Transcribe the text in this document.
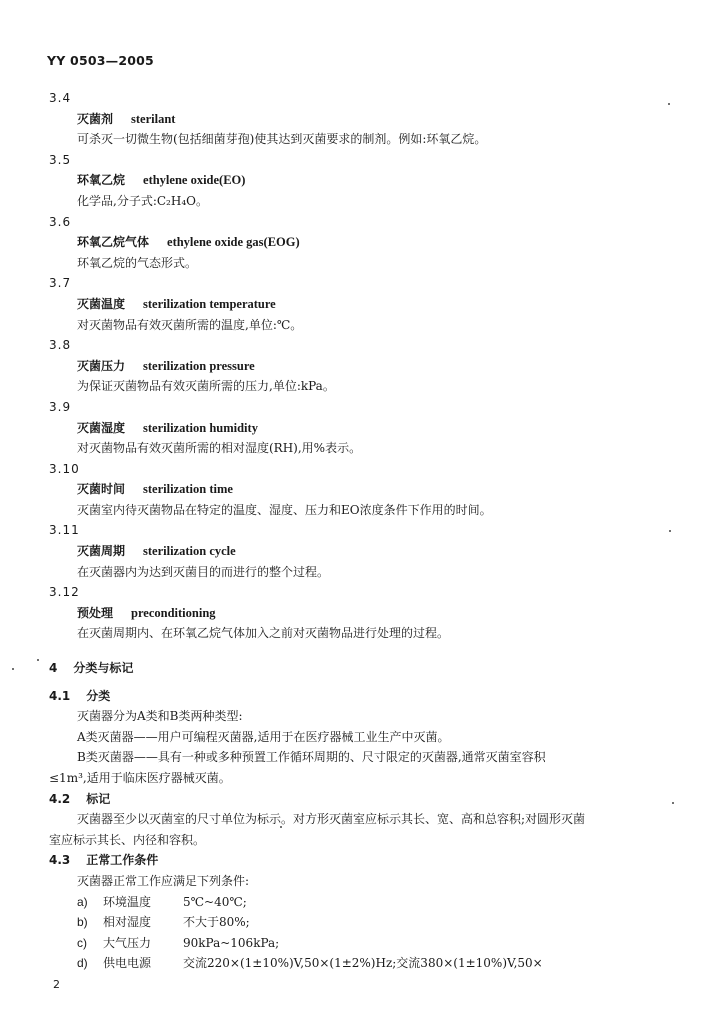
YY 0503—2005
3.4
灭菌剂 sterilant
可杀灭一切微生物(包括细菌芽孢)使其达到灭菌要求的制剂。例如:环氧乙烷。
3.5
环氧乙烷 ethylene oxide(EO)
化学品,分子式:C₂H₄O。
3.6
环氧乙烷气体 ethylene oxide gas(EOG)
环氧乙烷的气态形式。
3.7
灭菌温度 sterilization temperature
对灭菌物品有效灭菌所需的温度,单位:℃。
3.8
灭菌压力 sterilization pressure
为保证灭菌物品有效灭菌所需的压力,单位:kPa。
3.9
灭菌湿度 sterilization humidity
对灭菌物品有效灭菌所需的相对湿度(RH),用%表示。
3.10
灭菌时间 sterilization time
灭菌室内待灭菌物品在特定的温度、湿度、压力和EO浓度条件下作用的时间。
3.11
灭菌周期 sterilization cycle
在灭菌器内为达到灭菌目的而进行的整个过程。
3.12
预处理 preconditioning
在灭菌周期内、在环氧乙烷气体加入之前对灭菌物品进行处理的过程。
4 分类与标记
4.1 分类
灭菌器分为A类和B类两种类型:
A类灭菌器——用户可编程灭菌器,适用于在医疗器械工业生产中灭菌。
B类灭菌器——具有一种或多种预置工作循环周期的、尺寸限定的灭菌器,通常灭菌室容积
≤1m³,适用于临床医疗器械灭菌。
4.2 标记
灭菌器至少以灭菌室的尺寸单位为标示。对方形灭菌室应标示其长、宽、高和总容积;对圆形灭菌
室应标示其长、内径和容积。
4.3 正常工作条件
灭菌器正常工作应满足下列条件:
a) 环境温度	5℃~40℃;
b) 相对湿度	不大于80%;
c) 大气压力	90kPa~106kPa;
d) 供电电源	交流220×(1±10%)V,50×(1±2%)Hz;交流380×(1±10%)V,50×
2
